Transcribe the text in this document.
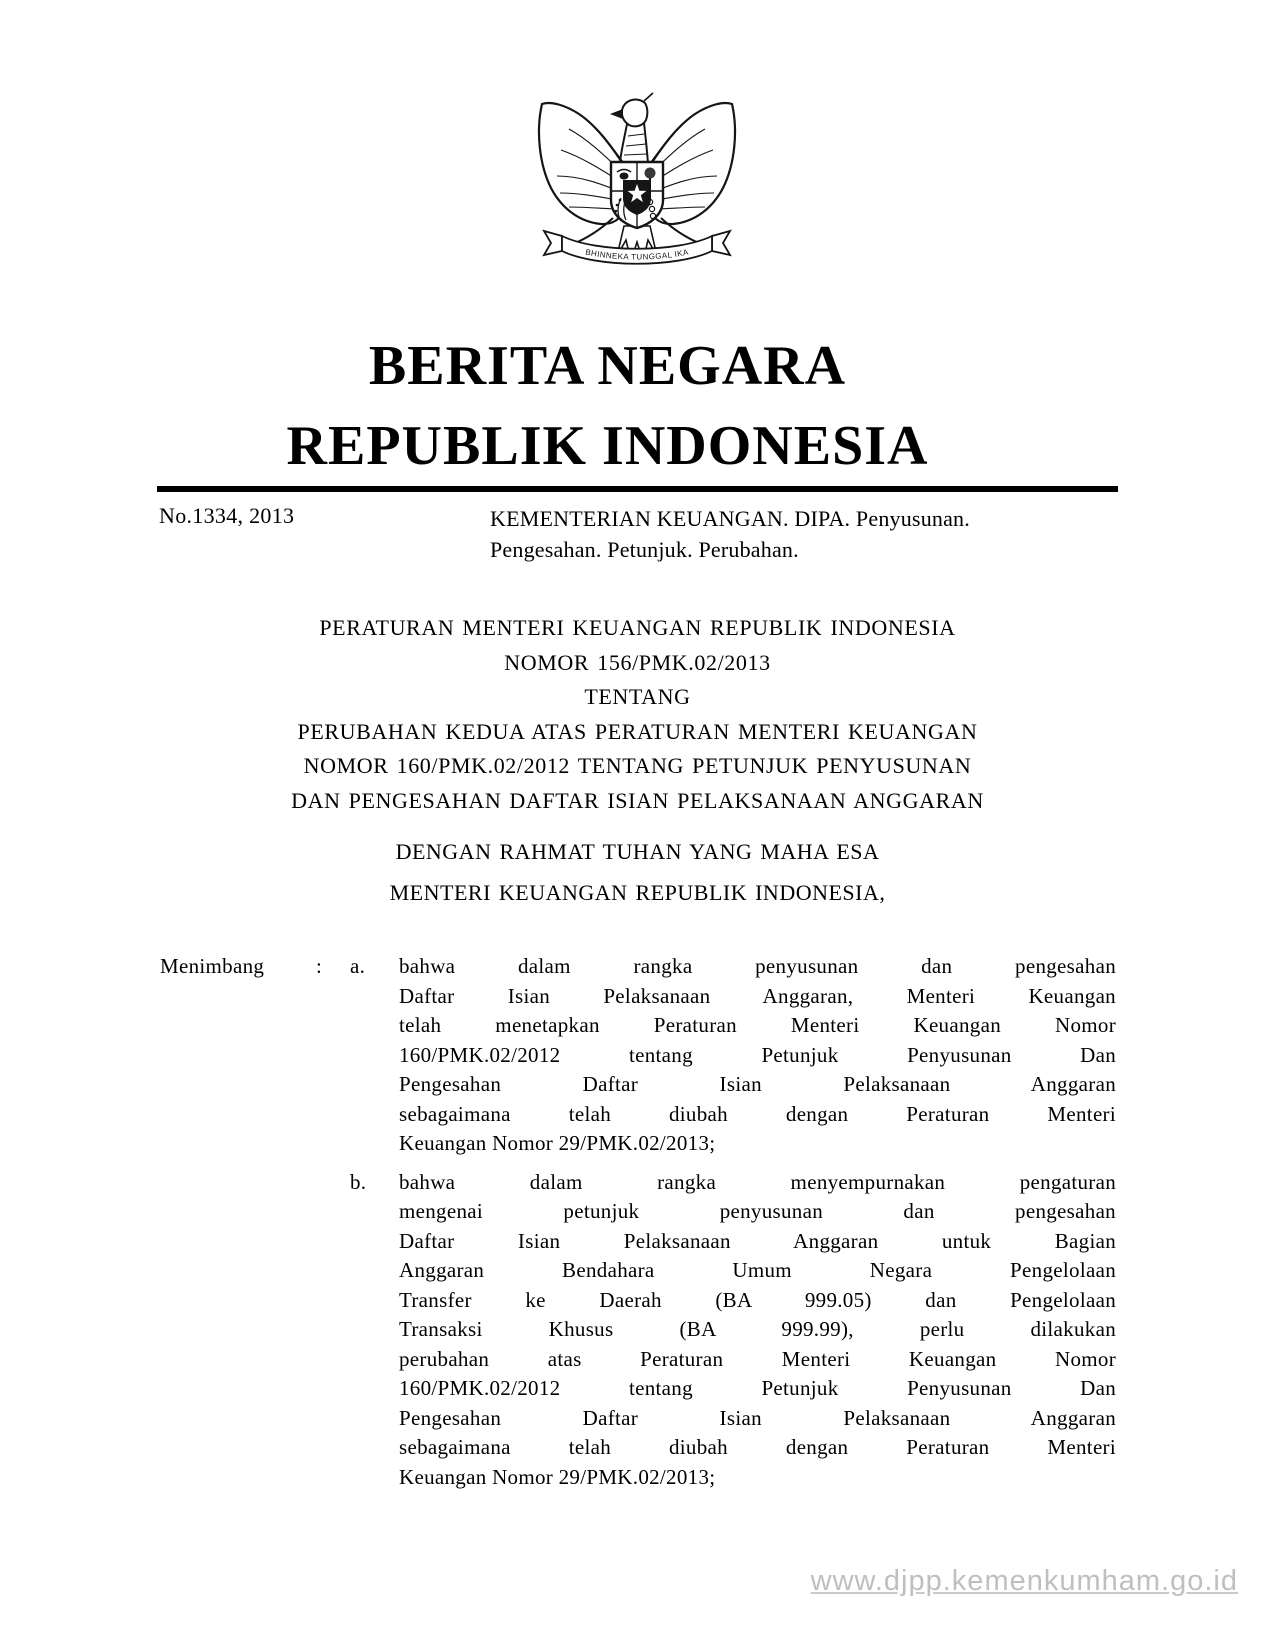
BHINNEKA TUNGGAL IKA
BERITA NEGARA
REPUBLIK INDONESIA
No.1334, 2013	KEMENTERIAN KEUANGAN. DIPA. Penyusunan.
Pengesahan. Petunjuk. Perubahan.
PERATURAN MENTERI KEUANGAN REPUBLIK INDONESIA
NOMOR 156/PMK.02/2013
TENTANG
PERUBAHAN KEDUA ATAS PERATURAN MENTERI KEUANGAN
NOMOR 160/PMK.02/2012 TENTANG PETUNJUK PENYUSUNAN
DAN PENGESAHAN DAFTAR ISIAN PELAKSANAAN ANGGARAN
DENGAN RAHMAT TUHAN YANG MAHA ESA
MENTERI KEUANGAN REPUBLIK INDONESIA,
Menimbang	:	a.	bahwa dalam rangka penyusunan dan pengesahan
Daftar Isian Pelaksanaan Anggaran, Menteri Keuangan
telah menetapkan Peraturan Menteri Keuangan Nomor
160/PMK.02/2012 tentang Petunjuk Penyusunan Dan
Pengesahan Daftar Isian Pelaksanaan Anggaran
sebagaimana telah diubah dengan Peraturan Menteri
Keuangan Nomor 29/PMK.02/2013;
b.	bahwa dalam rangka menyempurnakan pengaturan
mengenai petunjuk penyusunan dan pengesahan
Daftar Isian Pelaksanaan Anggaran untuk Bagian
Anggaran Bendahara Umum Negara Pengelolaan
Transfer ke Daerah (BA 999.05) dan Pengelolaan
Transaksi Khusus (BA 999.99), perlu dilakukan
perubahan atas Peraturan Menteri Keuangan Nomor
160/PMK.02/2012 tentang Petunjuk Penyusunan Dan
Pengesahan Daftar Isian Pelaksanaan Anggaran
sebagaimana telah diubah dengan Peraturan Menteri
Keuangan Nomor 29/PMK.02/2013;
www.djpp.kemenkumham.go.id
